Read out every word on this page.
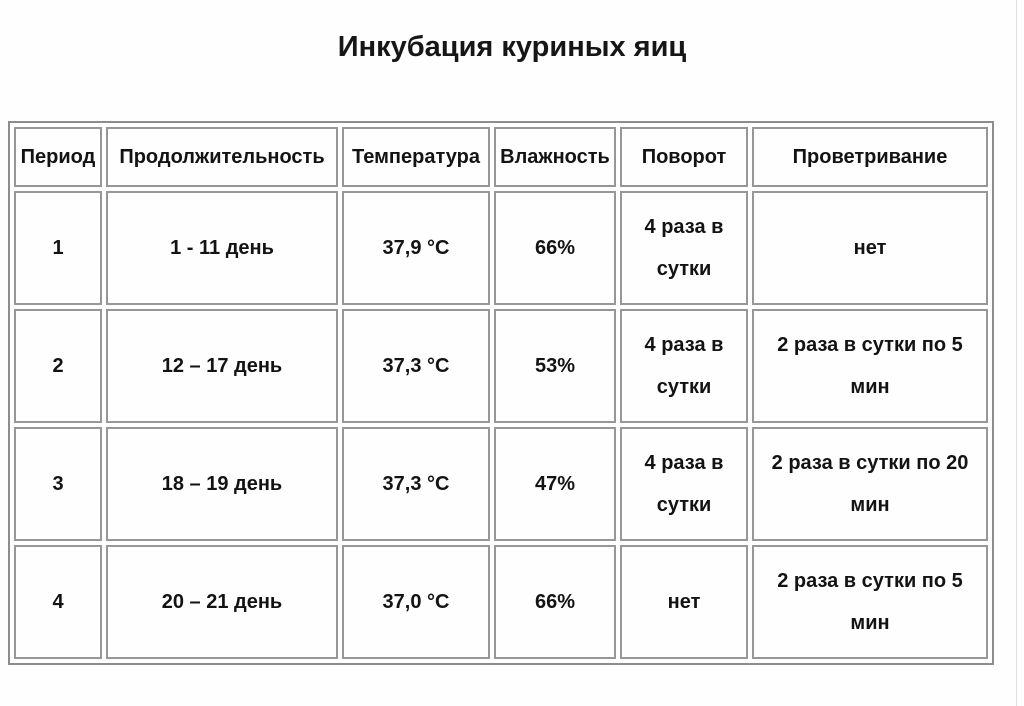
Инкубация куриных яиц
Период	Продолжительность	Температура	Влажность	Поворот	Проветривание
1	1 - 11 день	37,9 °C	66%	4 раза в сутки	нет
2	12 – 17 день	37,3 °C	53%	4 раза в сутки	2 раза в сутки по 5 мин
3	18 – 19 день	37,3 °C	47%	4 раза в сутки	2 раза в сутки по 20 мин
4	20 – 21 день	37,0 °C	66%	нет	2 раза в сутки по 5 мин
